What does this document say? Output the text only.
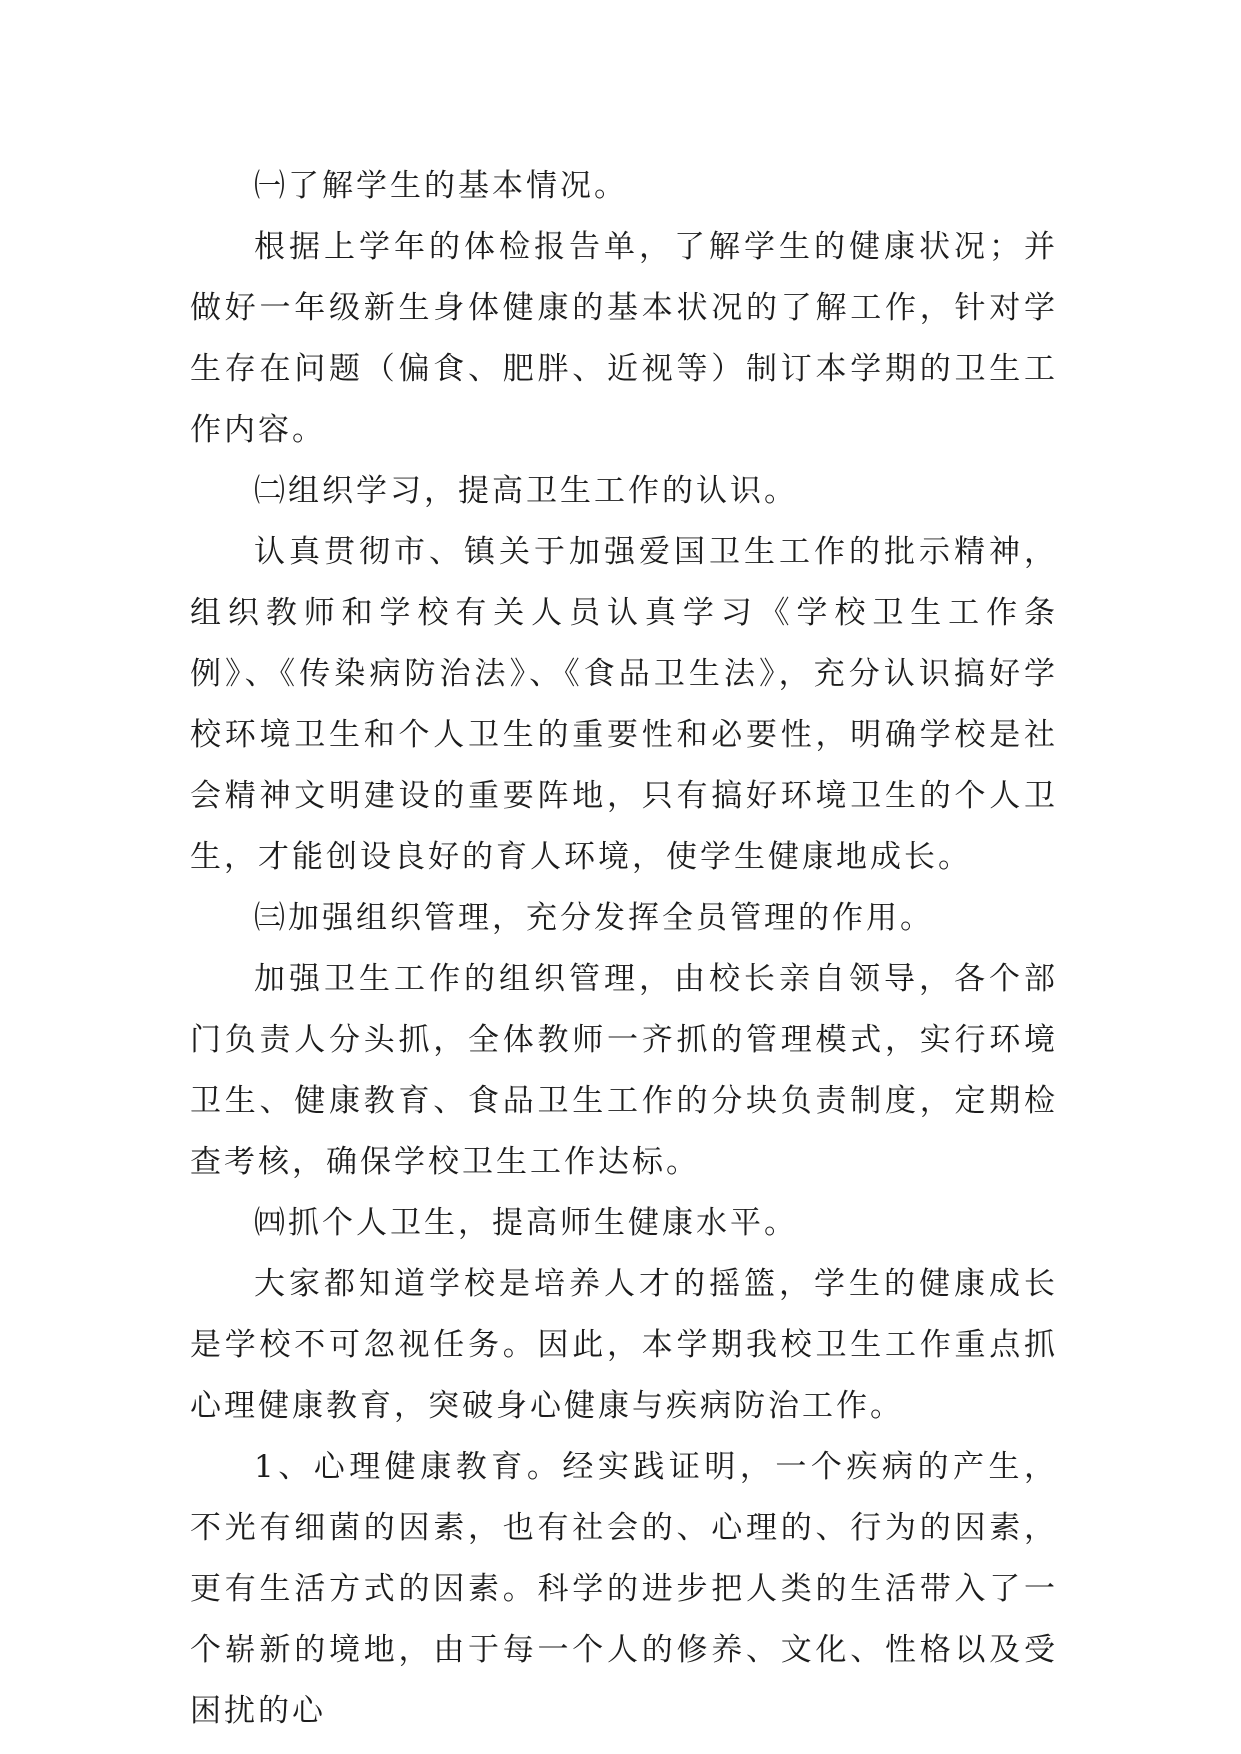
㈠了解学生的基本情况。

根据上学年的体检报告单，了解学生的健康状况；并做好一年级新生身体健康的基本状况的了解工作，针对学生存在问题（偏食、肥胖、近视等）制订本学期的卫生工作内容。

㈡组织学习，提高卫生工作的认识。

认真贯彻市、镇关于加强爱国卫生工作的批示精神，组织教师和学校有关人员认真学习《学校卫生工作条例》、《传染病防治法》、《食品卫生法》，充分认识搞好学校环境卫生和个人卫生的重要性和必要性，明确学校是社会精神文明建设的重要阵地，只有搞好环境卫生的个人卫生，才能创设良好的育人环境，使学生健康地成长。

㈢加强组织管理，充分发挥全员管理的作用。

加强卫生工作的组织管理，由校长亲自领导，各个部门负责人分头抓，全体教师一齐抓的管理模式，实行环境卫生、健康教育、食品卫生工作的分块负责制度，定期检查考核，确保学校卫生工作达标。

㈣抓个人卫生，提高师生健康水平。

大家都知道学校是培养人才的摇篮，学生的健康成长是学校不可忽视任务。因此，本学期我校卫生工作重点抓心理健康教育，突破身心健康与疾病防治工作。

1、心理健康教育。经实践证明，一个疾病的产生，不光有细菌的因素，也有社会的、心理的、行为的因素，更有生活方式的因素。科学的进步把人类的生活带入了一个崭新的境地，由于每一个人的修养、文化、性格以及受困扰的心
